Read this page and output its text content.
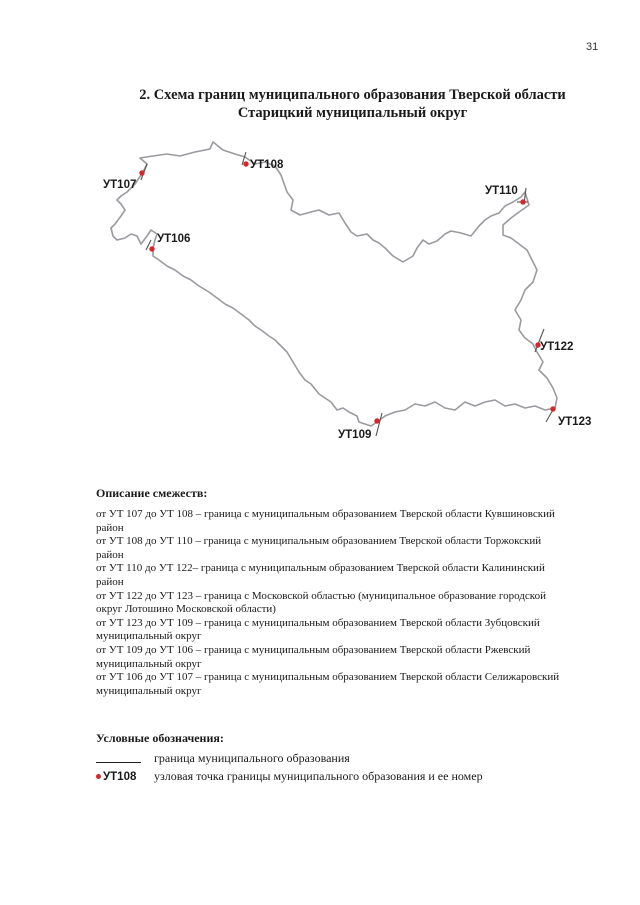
31
2. Схема границ муниципального образования Тверской области
Старицкий муниципальный округ
УТ107
УТ108
УТ110
УТ106
УТ122
УТ123
УТ109
Описание смежеств:
от УТ 107 до УТ 108 – граница с муниципальным образованием Тверской области Кувшиновский
район
от УТ 108 до УТ 110 – граница с муниципальным образованием Тверской области Торжокский
район
от УТ 110 до УТ 122– граница с муниципальным образованием Тверской области Калининский
район
от УТ 122 до УТ 123 – граница с Московской областью (муниципальное образование городской
округ Лотошино Московской области)
от УТ 123 до УТ 109 – граница с муниципальным образованием Тверской области Зубцовский
муниципальный округ
от УТ 109 до УТ 106 – граница с муниципальным образованием Тверской области Ржевский
муниципальный округ
от УТ 106 до УТ 107 – граница с муниципальным образованием Тверской области Селижаровский
муниципальный округ
Условные обозначения:
граница муниципального образования
УТ108 узловая точка границы муниципального образования и ее номер
